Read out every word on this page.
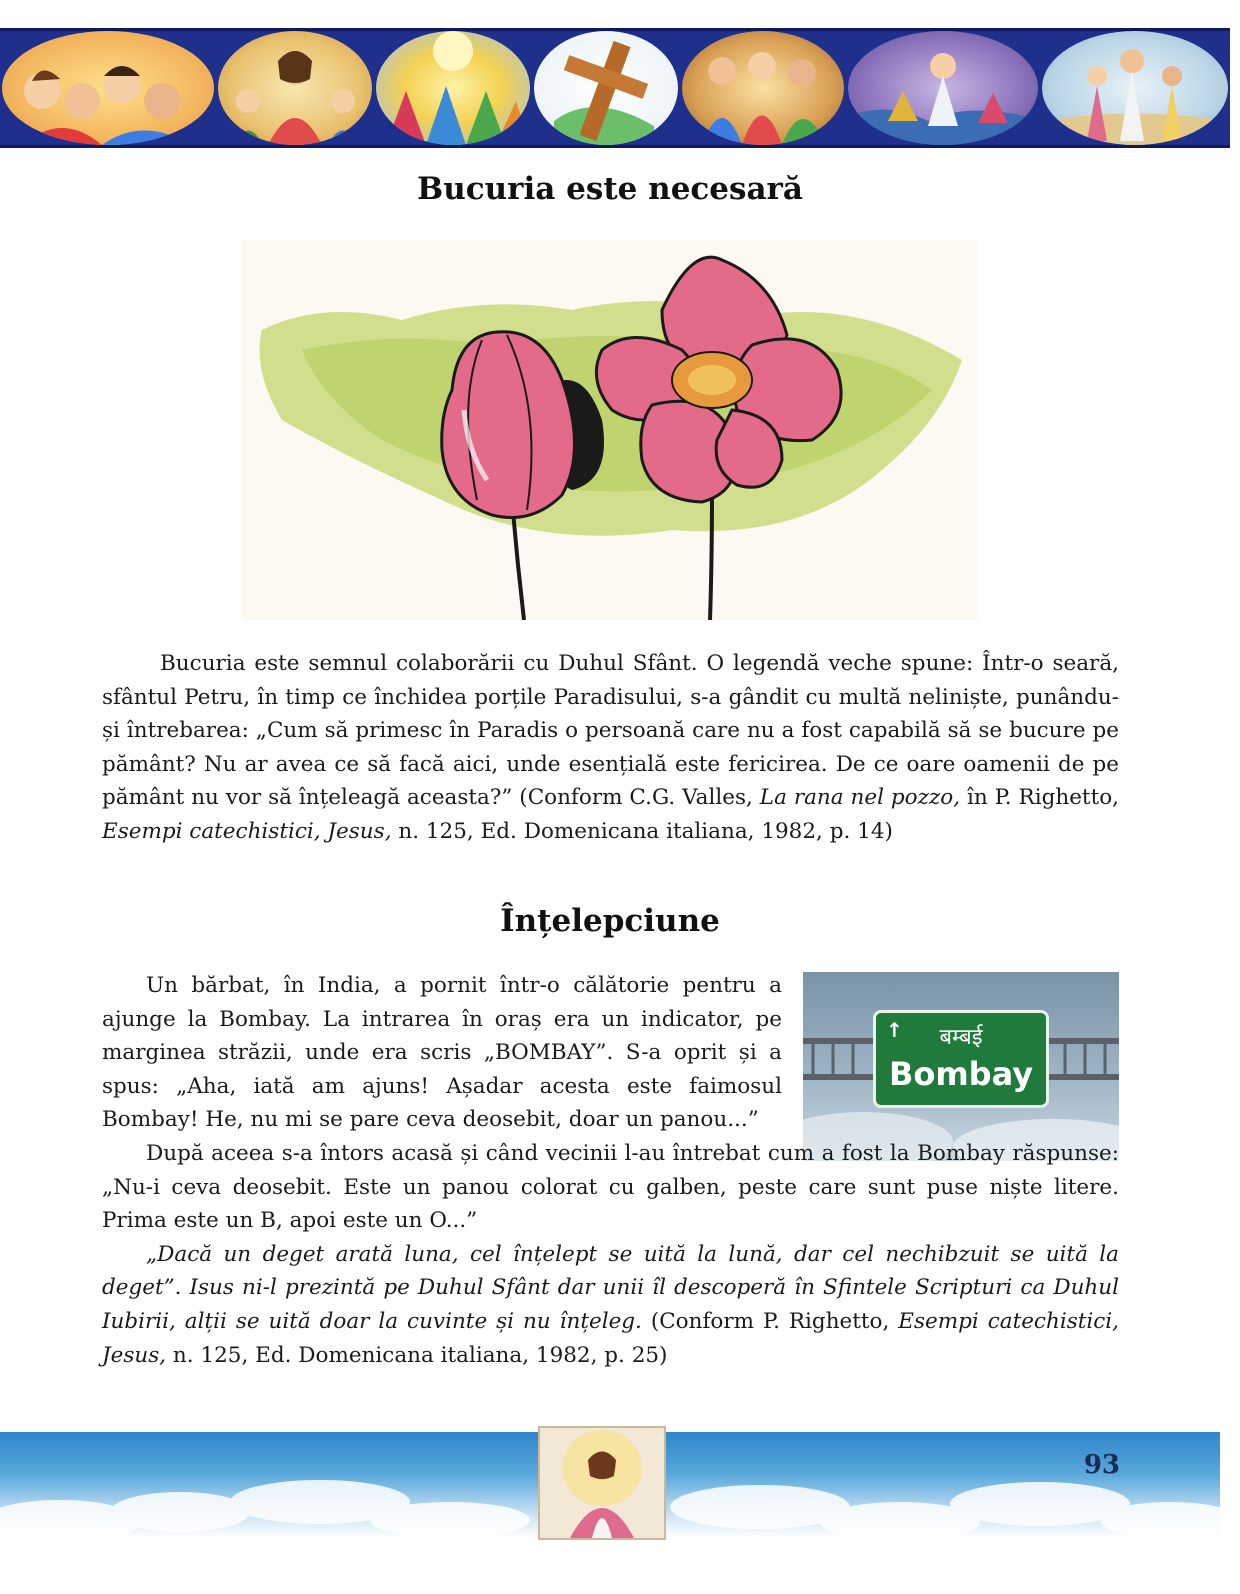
Bucuria este necesară

Bucuria este semnul colaborării cu Duhul Sfânt. O legendă veche spune: Într-o seară, sfântul Petru, în timp ce închidea porțile Paradisului, s-a gândit cu multă neliniște, punându-și întrebarea: „Cum să primesc în Paradis o persoană care nu a fost capabilă să se bucure pe pământ? Nu ar avea ce să facă aici, unde esențială este fericirea. De ce oare oamenii de pe pământ nu vor să înțeleagă aceasta?” (Conform C.G. Valles, La rana nel pozzo, în P. Righetto, Esempi catechistici, Jesus, n. 125, Ed. Domenicana italiana, 1982, p. 14)

Înțelepciune

Un bărbat, în India, a pornit într-o călătorie pentru a ajunge la Bombay. La intrarea în oraș era un indicator, pe marginea străzii, unde era scris „BOMBAY”. S-a oprit și a spus: „Aha, iată am ajuns! Așadar acesta este faimosul Bombay! He, nu mi se pare ceva deosebit, doar un panou...”

↑	बम्बई
Bombay

După aceea s-a întors acasă și când vecinii l-au întrebat cum a fost la Bombay răspunse: „Nu-i ceva deosebit. Este un panou colorat cu galben, peste care sunt puse niște litere. Prima este un B, apoi este un O...”

„Dacă un deget arată luna, cel înțelept se uită la lună, dar cel nechibzuit se uită la deget”. Isus ni-l prezintă pe Duhul Sfânt dar unii îl descoperă în Sfintele Scripturi ca Duhul Iubirii, alții se uită doar la cuvinte și nu înțeleg. (Conform P. Righetto, Esempi catechistici, Jesus, n. 125, Ed. Domenicana italiana, 1982, p. 25)

93
